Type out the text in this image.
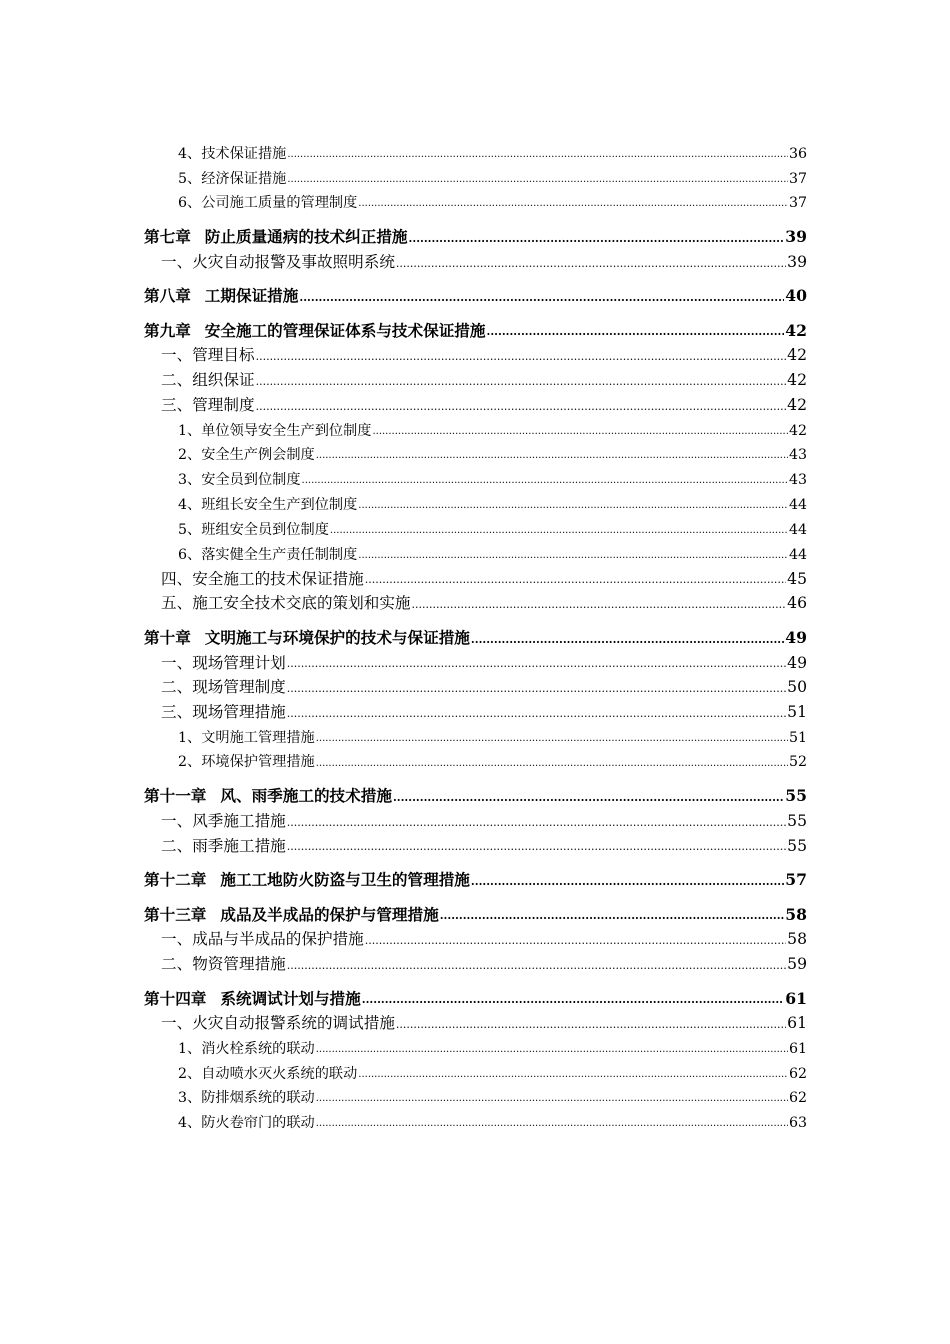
4、技术保证措施 .....	36
5、经济保证措施 .....	37
6、公司施工质量的管理制度 .....	37
第七章 防止质量通病的技术纠正措施 .....	39
一、火灾自动报警及事故照明系统 .....	39
第八章 工期保证措施 .....	40
第九章 安全施工的管理保证体系与技术保证措施 .....	42
一、管理目标 .....	42
二、组织保证 .....	42
三、管理制度 .....	42
1、单位领导安全生产到位制度 .....	42
2、安全生产例会制度 .....	43
3、安全员到位制度 .....	43
4、班组长安全生产到位制度 .....	44
5、班组安全员到位制度 .....	44
6、落实健全生产责任制制度 .....	44
四、安全施工的技术保证措施 .....	45
五、施工安全技术交底的策划和实施 .....	46
第十章 文明施工与环境保护的技术与保证措施 .....	49
一、现场管理计划 .....	49
二、现场管理制度 .....	50
三、现场管理措施 .....	51
1、文明施工管理措施 .....	51
2、环境保护管理措施 .....	52
第十一章 风、雨季施工的技术措施 .....	55
一、风季施工措施 .....	55
二、雨季施工措施 .....	55
第十二章 施工工地防火防盗与卫生的管理措施 .....	57
第十三章 成品及半成品的保护与管理措施 .....	58
一、成品与半成品的保护措施 .....	58
二、物资管理措施 .....	59
第十四章 系统调试计划与措施 .....	61
一、火灾自动报警系统的调试措施 .....	61
1、消火栓系统的联动 .....	61
2、自动喷水灭火系统的联动 .....	62
3、防排烟系统的联动 .....	62
4、防火卷帘门的联动 .....	63
